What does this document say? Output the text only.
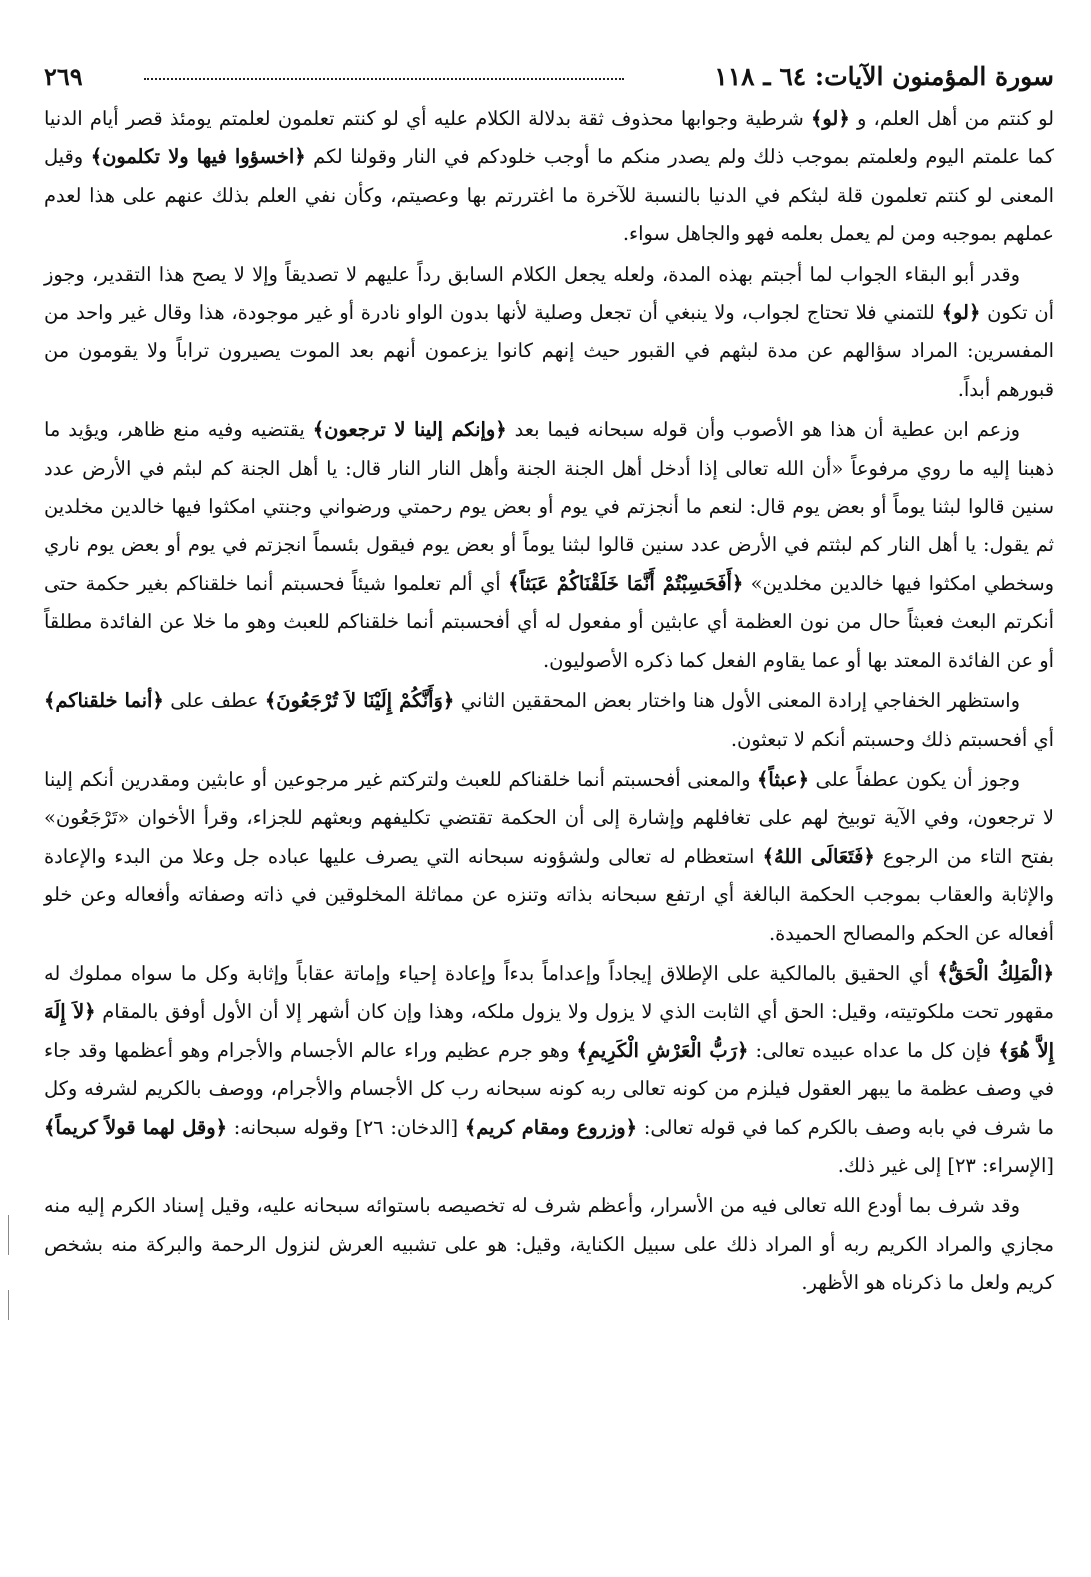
سورة المؤمنون الآيات: ٦٤ ـ ١١٨
٢٦٩

لو كنتم من أهل العلم، و ﴿لو﴾ شرطية وجوابها محذوف ثقة بدلالة الكلام عليه أي لو كنتم تعلمون لعلمتم يومئذ قصر أيام الدنيا كما علمتم اليوم ولعلمتم بموجب ذلك ولم يصدر منكم ما أوجب خلودكم في النار وقولنا لكم ﴿اخسؤوا فيها ولا تكلمون﴾ وقيل المعنى لو كنتم تعلمون قلة لبثكم في الدنيا بالنسبة للآخرة ما اغتررتم بها وعصيتم، وكأن نفي العلم بذلك عنهم على هذا لعدم عملهم بموجبه ومن لم يعمل بعلمه فهو والجاهل سواء.

وقدر أبو البقاء الجواب لما أجبتم بهذه المدة، ولعله يجعل الكلام السابق رداً عليهم لا تصديقاً وإلا لا يصح هذا التقدير، وجوز أن تكون ﴿لو﴾ للتمني فلا تحتاج لجواب، ولا ينبغي أن تجعل وصلية لأنها بدون الواو نادرة أو غير موجودة، هذا وقال غير واحد من المفسرين: المراد سؤالهم عن مدة لبثهم في القبور حيث إنهم كانوا يزعمون أنهم بعد الموت يصيرون تراباً ولا يقومون من قبورهم أبداً.

وزعم ابن عطية أن هذا هو الأصوب وأن قوله سبحانه فيما بعد ﴿وإنكم إلينا لا ترجعون﴾ يقتضيه وفيه منع ظاهر، ويؤيد ما ذهبنا إليه ما روي مرفوعاً «أن الله تعالى إذا أدخل أهل الجنة الجنة وأهل النار النار قال: يا أهل الجنة كم لبثم في الأرض عدد سنين قالوا لبثنا يوماً أو بعض يوم قال: لنعم ما أنجزتم في يوم أو بعض يوم رحمتي ورضواني وجنتي امكثوا فيها خالدين مخلدين ثم يقول: يا أهل النار كم لبثتم في الأرض عدد سنين قالوا لبثنا يوماً أو بعض يوم فيقول بئسماً انجزتم في يوم أو بعض يوم ناري وسخطي امكثوا فيها خالدين مخلدين» ﴿أَفَحَسِبْتُمْ أَنَّمَا خَلَقْنَاكُمْ عَبَثاً﴾ أي ألم تعلموا شيئاً فحسبتم أنما خلقناكم بغير حكمة حتى أنكرتم البعث فعبثاً حال من نون العظمة أي عابثين أو مفعول له أي أفحسبتم أنما خلقناكم للعبث وهو ما خلا عن الفائدة مطلقاً أو عن الفائدة المعتد بها أو عما يقاوم الفعل كما ذكره الأصوليون.

واستظهر الخفاجي إرادة المعنى الأول هنا واختار بعض المحققين الثاني ﴿وَأَنَّكُمْ إِلَيْنَا لاَ تُرْجَعُونَ﴾ عطف على ﴿أنما خلقناكم﴾ أي أفحسبتم ذلك وحسبتم أنكم لا تبعثون.

وجوز أن يكون عطفاً على ﴿عبثاً﴾ والمعنى أفحسبتم أنما خلقناكم للعبث ولتركتم غير مرجوعين أو عابثين ومقدرين أنكم إلينا لا ترجعون، وفي الآية توبيخ لهم على تغافلهم وإشارة إلى أن الحكمة تقتضي تكليفهم وبعثهم للجزاء، وقرأ الأخوان «تَرْجَعُون» بفتح التاء من الرجوع ﴿فَتَعَالَى اللهُ﴾ استعظام له تعالى ولشؤونه سبحانه التي يصرف عليها عباده جل وعلا من البدء والإعادة والإثابة والعقاب بموجب الحكمة البالغة أي ارتفع سبحانه بذاته وتنزه عن مماثلة المخلوقين في ذاته وصفاته وأفعاله وعن خلو أفعاله عن الحكم والمصالح الحميدة.

﴿الْمَلِكُ الْحَقُّ﴾ أي الحقيق بالمالكية على الإطلاق إيجاداً وإعداماً بدءاً وإعادة إحياء وإماتة عقاباً وإثابة وكل ما سواه مملوك له مقهور تحت ملكوتيته، وقيل: الحق أي الثابت الذي لا يزول ولا يزول ملكه، وهذا وإن كان أشهر إلا أن الأول أوفق بالمقام ﴿لاَ إِلَهَ إِلاَّ هُوَ﴾ فإن كل ما عداه عبيده تعالى: ﴿رَبُّ الْعَرْشِ الْكَرِيمِ﴾ وهو جرم عظيم وراء عالم الأجسام والأجرام وهو أعظمها وقد جاء في وصف عظمة ما يبهر العقول فيلزم من كونه تعالى ربه كونه سبحانه رب كل الأجسام والأجرام، ووصف بالكريم لشرفه وكل ما شرف في بابه وصف بالكرم كما في قوله تعالى: ﴿وزروع ومقام كريم﴾ [الدخان: ٢٦] وقوله سبحانه: ﴿وقل لهما قولاً كريماً﴾ [الإسراء: ٢٣] إلى غير ذلك.

وقد شرف بما أودع الله تعالى فيه من الأسرار، وأعظم شرف له تخصيصه باستوائه سبحانه عليه، وقيل إسناد الكرم إليه منه مجازي والمراد الكريم ربه أو المراد ذلك على سبيل الكناية، وقيل: هو على تشبيه العرش لنزول الرحمة والبركة منه بشخص كريم ولعل ما ذكرناه هو الأظهر.
